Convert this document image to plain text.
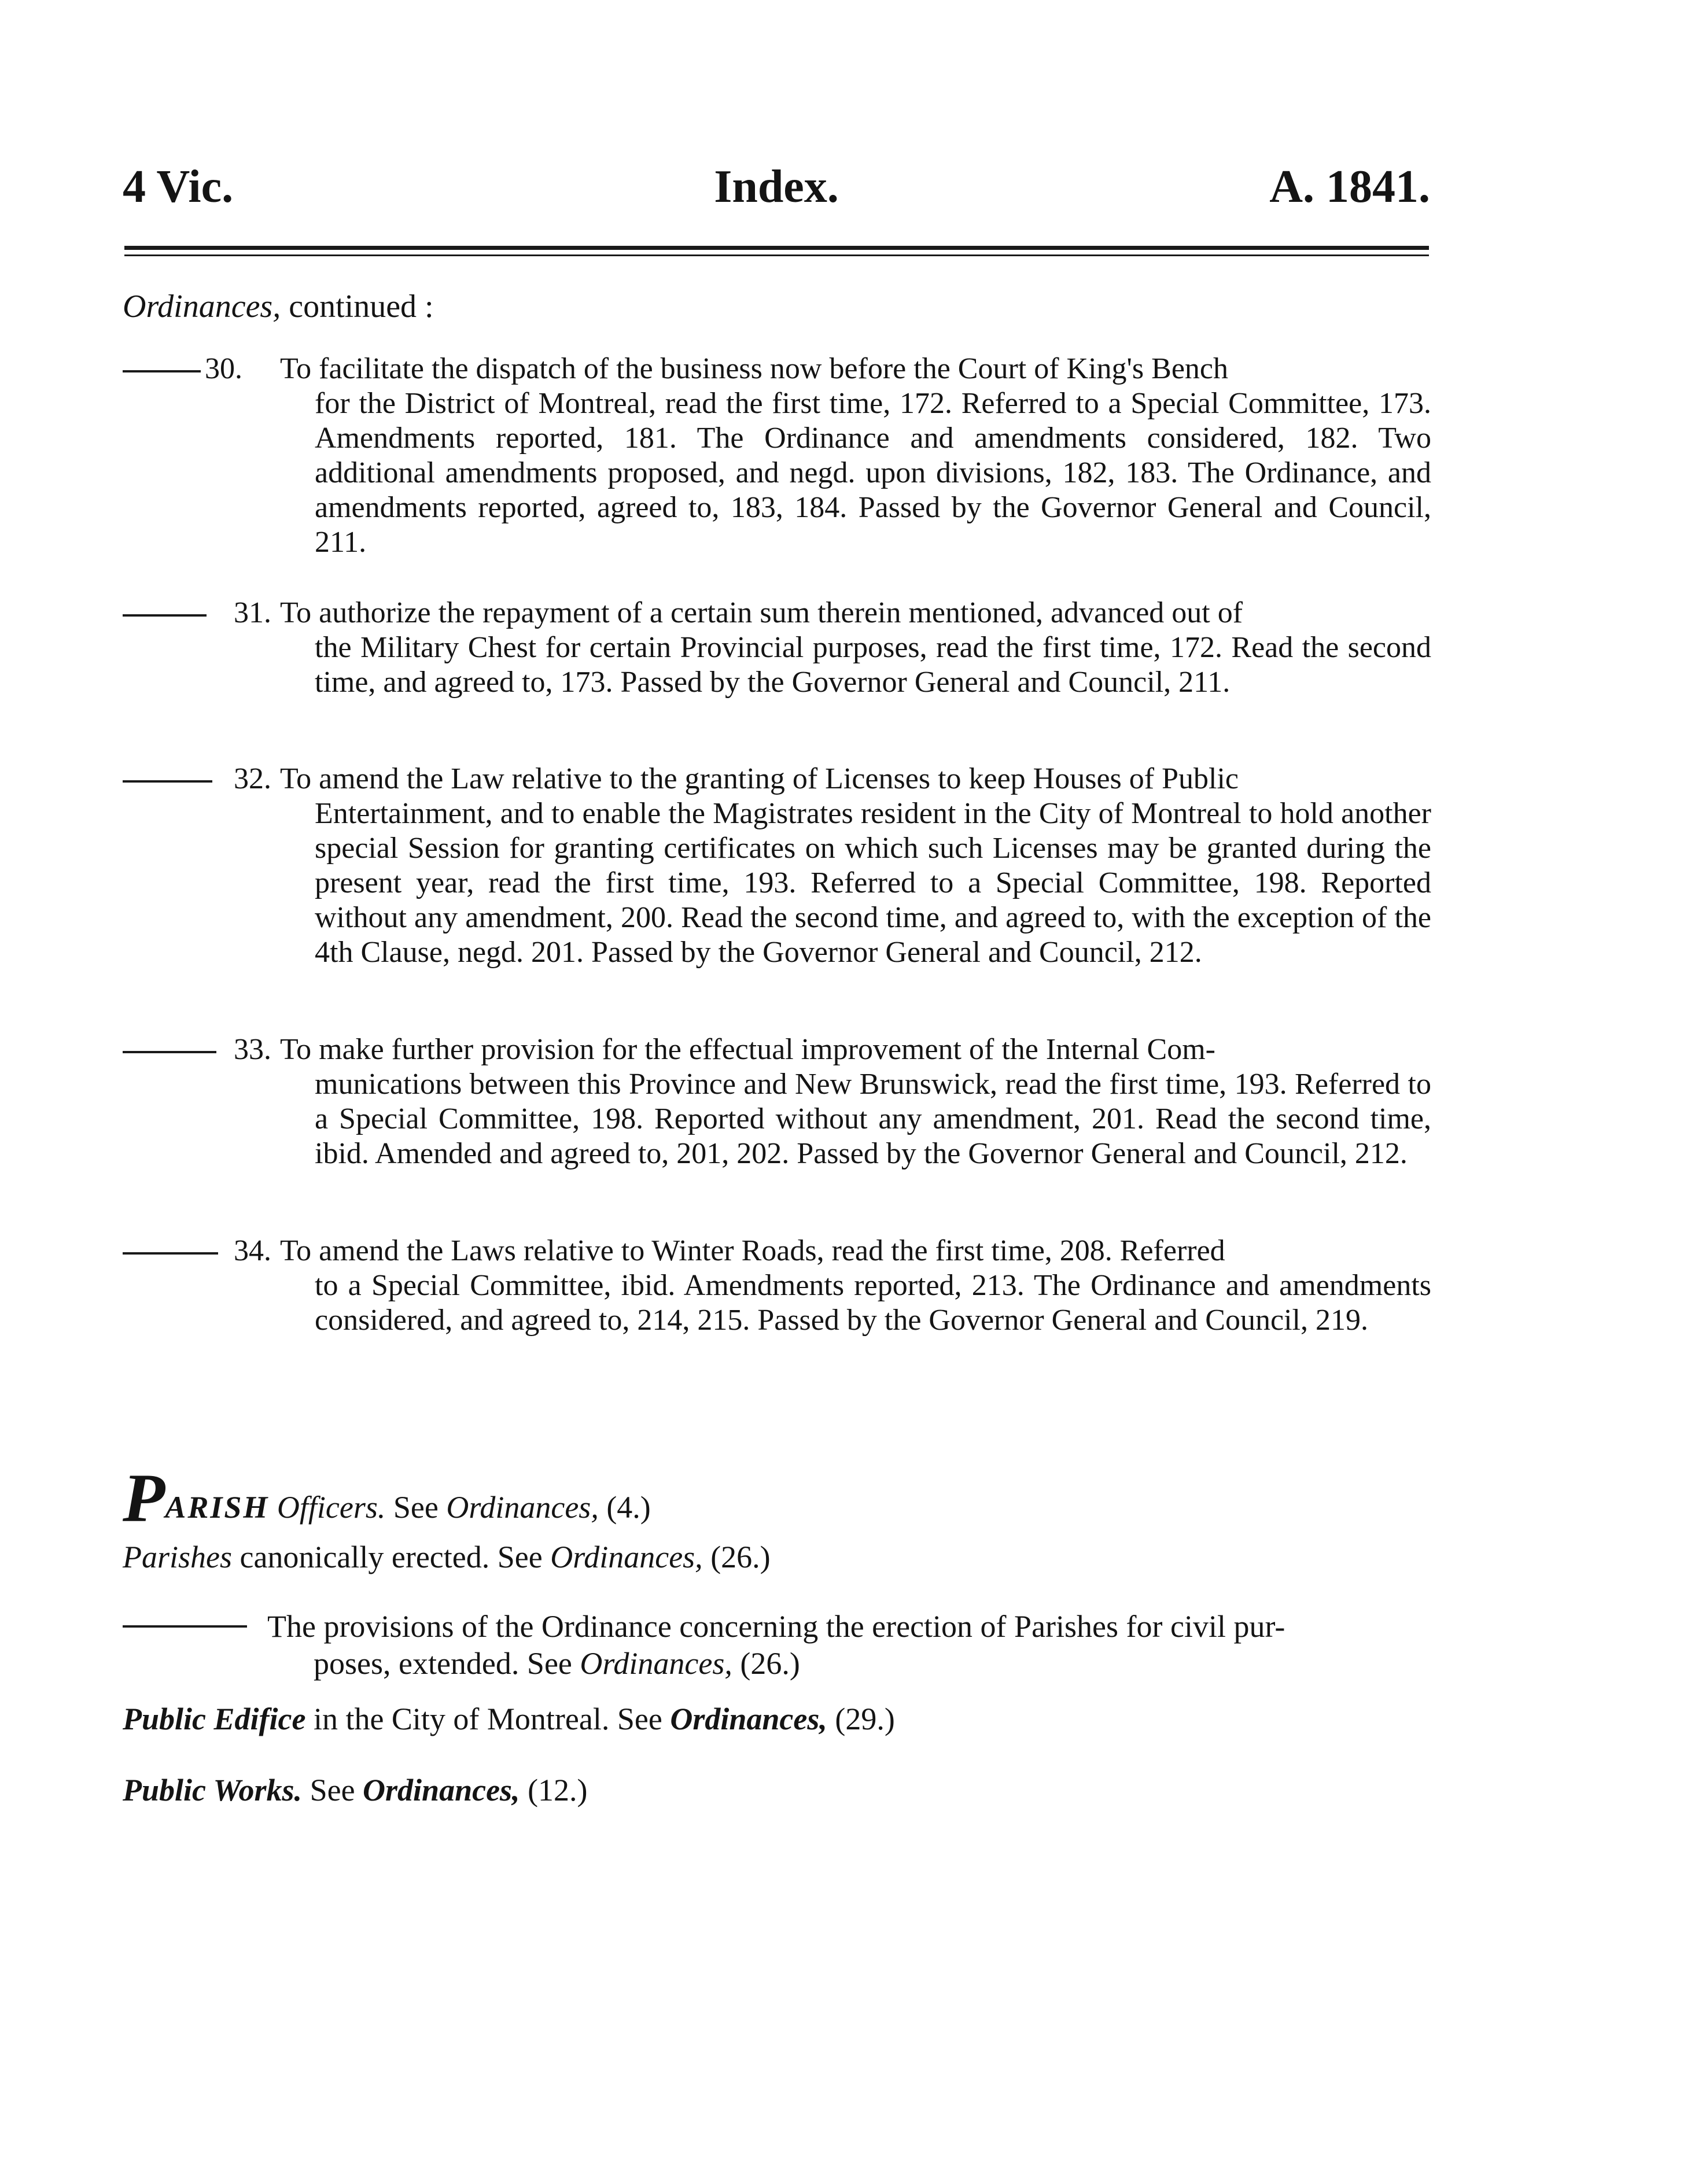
4 Vic.	Index.	A. 1841.
Ordinances, continued :
30. To facilitate the dispatch of the business now before the Court of King's Bench
for the District of Montreal, read the first time, 172. Referred to a Special Committee, 173. Amendments reported, 181. The Ordinance and amendments considered, 182. Two additional amendments proposed, and negd. upon divisions, 182, 183. The Ordinance, and amendments reported, agreed to, 183, 184. Passed by the Governor General and Council, 211.
31. To authorize the repayment of a certain sum therein mentioned, advanced out of
the Military Chest for certain Provincial purposes, read the first time, 172. Read the second time, and agreed to, 173. Passed by the Governor General and Council, 211.
32. To amend the Law relative to the granting of Licenses to keep Houses of Public
Entertainment, and to enable the Magistrates resident in the City of Montreal to hold another special Session for granting certificates on which such Licenses may be granted during the present year, read the first time, 193. Referred to a Special Committee, 198. Reported without any amendment, 200. Read the second time, and agreed to, with the exception of the 4th Clause, negd. 201. Passed by the Governor General and Council, 212.
33. To make further provision for the effectual improvement of the Internal Com-
munications between this Province and New Brunswick, read the first time, 193. Referred to a Special Committee, 198. Reported without any amendment, 201. Read the second time, ibid. Amended and agreed to, 201, 202. Passed by the Governor General and Council, 212.
34. To amend the Laws relative to Winter Roads, read the first time, 208. Referred
to a Special Committee, ibid. Amendments reported, 213. The Ordinance and amendments considered, and agreed to, 214, 215. Passed by the Governor General and Council, 219.
PARISH Officers. See Ordinances, (4.)
Parishes canonically erected. See Ordinances, (26.)
The provisions of the Ordinance concerning the erection of Parishes for civil pur-
poses, extended. See Ordinances, (26.)
Public Edifice in the City of Montreal. See Ordinances, (29.)
Public Works. See Ordinances, (12.)
